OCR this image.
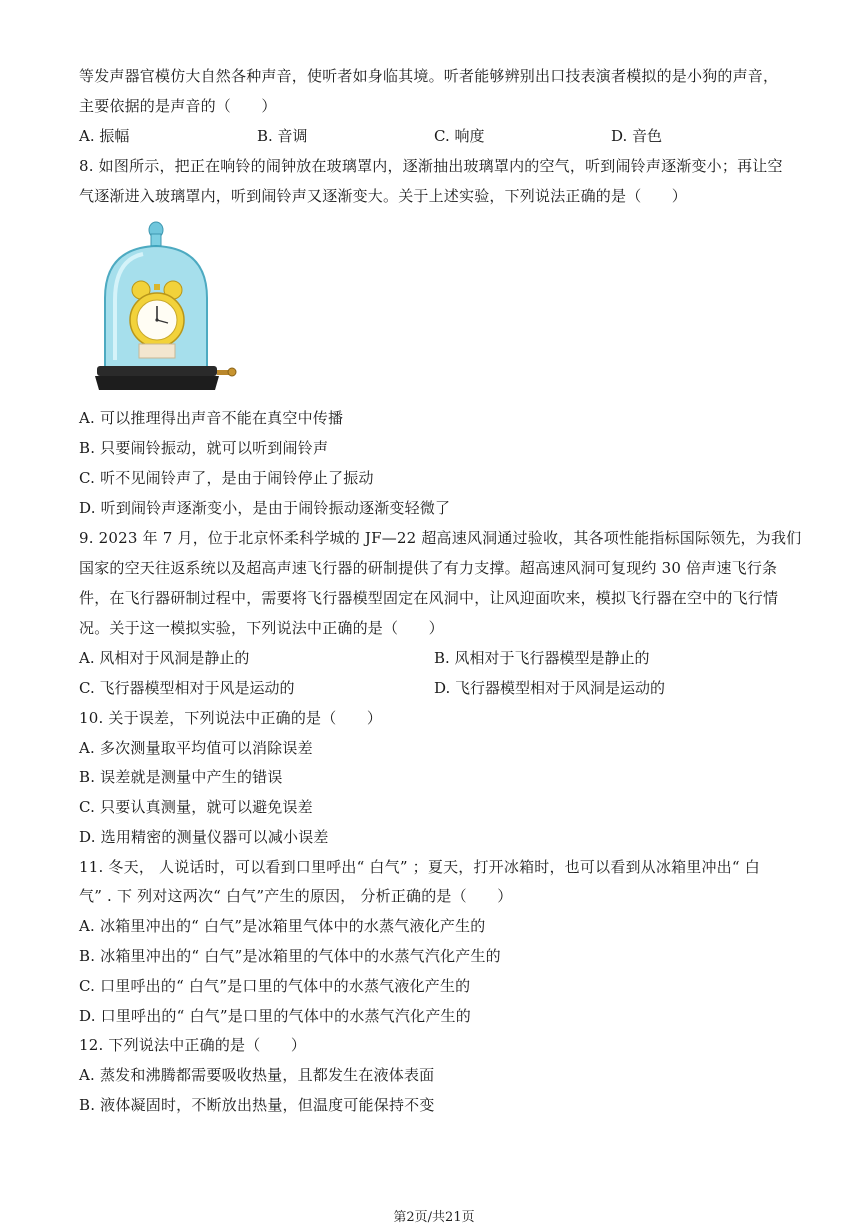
等发声器官模仿大自然各种声音，使听者如身临其境。听者能够辨别出口技表演者模拟的是小狗的声音，
主要依据的是声音的（　　）
A. 振幅	B. 音调	C. 响度	D. 音色
8. 如图所示，把正在响铃的闹钟放在玻璃罩内，逐渐抽出玻璃罩内的空气，听到闹铃声逐渐变小；再让空
气逐渐进入玻璃罩内，听到闹铃声又逐渐变大。关于上述实验，下列说法正确的是（　　）
A. 可以推理得出声音不能在真空中传播
B. 只要闹铃振动，就可以听到闹铃声
C. 听不见闹铃声了，是由于闹铃停止了振动
D. 听到闹铃声逐渐变小，是由于闹铃振动逐渐变轻微了
9. 2023 年 7 月，位于北京怀柔科学城的 JF—22 超高速风洞通过验收，其各项性能指标国际领先，为我们
国家的空天往返系统以及超高声速飞行器的研制提供了有力支撑。超高速风洞可复现约 30 倍声速飞行条
件，在飞行器研制过程中，需要将飞行器模型固定在风洞中，让风迎面吹来，模拟飞行器在空中的飞行情
况。关于这一模拟实验，下列说法中正确的是（　　）
A. 风相对于风洞是静止的	B. 风相对于飞行器模型是静止的
C. 飞行器模型相对于风是运动的	D. 飞行器模型相对于风洞是运动的
10. 关于误差，下列说法中正确的是（　　）
A. 多次测量取平均值可以消除误差
B. 误差就是测量中产生的错误
C. 只要认真测量，就可以避免误差
D. 选用精密的测量仪器可以减小误差
11. 冬天， 人说话时，可以看到口里呼出“ 白气” ；夏天，打开冰箱时，也可以看到从冰箱里冲出“ 白
气” . 下 列对这两次“ 白气”产生的原因， 分析正确的是（　　）
A. 冰箱里冲出的“ 白气”是冰箱里气体中的水蒸气液化产生的
B. 冰箱里冲出的“ 白气”是冰箱里的气体中的水蒸气汽化产生的
C. 口里呼出的“ 白气”是口里的气体中的水蒸气液化产生的
D. 口里呼出的“ 白气”是口里的气体中的水蒸气汽化产生的
12. 下列说法中正确的是（　　）
A. 蒸发和沸腾都需要吸收热量，且都发生在液体表面
B. 液体凝固时，不断放出热量，但温度可能保持不变
第2页/共21页
